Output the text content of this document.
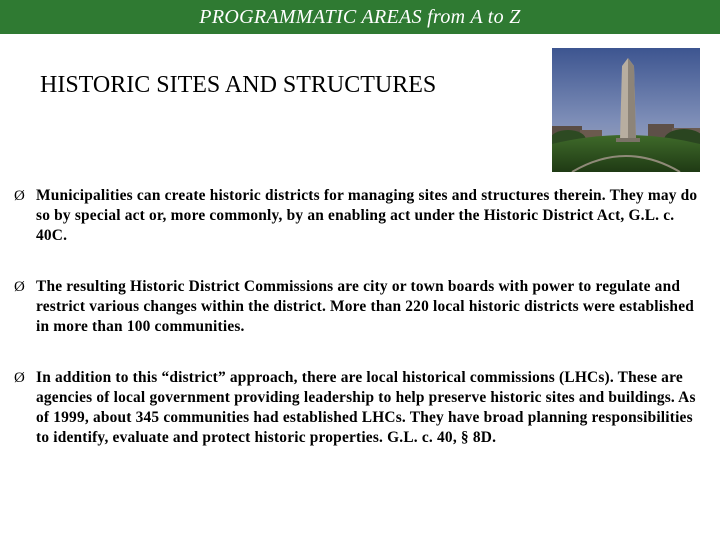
PROGRAMMATIC AREAS from A to Z
HISTORIC SITES AND STRUCTURES
Ø Municipalities can create historic districts for managing sites and structures therein. They may do so by special act or, more commonly, by an enabling act under the Historic District Act, G.L. c. 40C.
Ø The resulting Historic District Commissions are city or town boards with power to regulate and restrict various changes within the district. More than 220 local historic districts were established in more than 100 communities.
Ø In addition to this “district” approach, there are local historical commissions (LHCs). These are agencies of local government providing leadership to help preserve historic sites and buildings. As of 1999, about 345 communities had established LHCs. They have broad planning responsibilities to identify, evaluate and protect historic properties. G.L. c. 40, § 8D.
